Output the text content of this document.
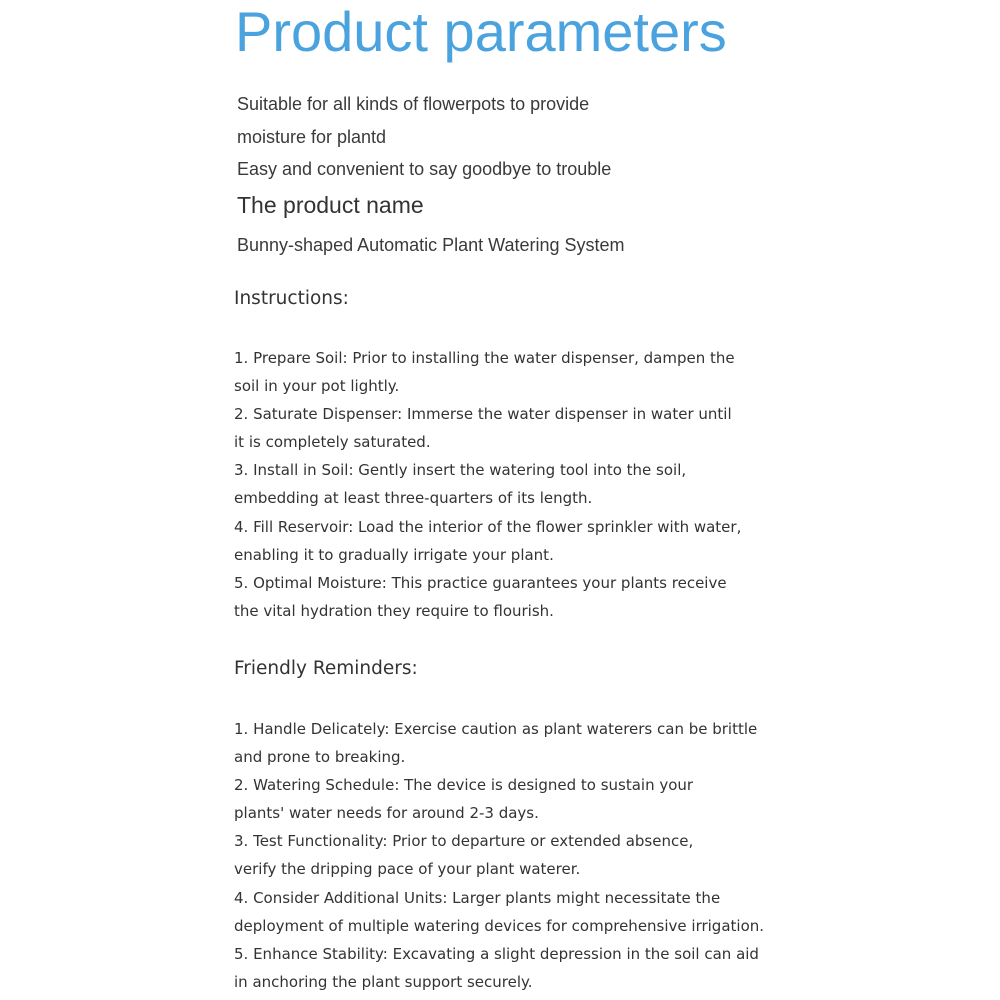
Product parameters
Suitable for all kinds of flowerpots to provide
moisture for plantd
Easy and convenient to say goodbye to trouble
The product name
Bunny-shaped Automatic Plant Watering System
Instructions:
1. Prepare Soil: Prior to installing the water dispenser, dampen the
soil in your pot lightly.
2. Saturate Dispenser: Immerse the water dispenser in water until
it is completely saturated.
3. Install in Soil: Gently insert the watering tool into the soil,
embedding at least three-quarters of its length.
4. Fill Reservoir: Load the interior of the flower sprinkler with water,
enabling it to gradually irrigate your plant.
5. Optimal Moisture: This practice guarantees your plants receive
the vital hydration they require to flourish.
Friendly Reminders:
1. Handle Delicately: Exercise caution as plant waterers can be brittle
and prone to breaking.
2. Watering Schedule: The device is designed to sustain your
plants' water needs for around 2-3 days.
3. Test Functionality: Prior to departure or extended absence,
verify the dripping pace of your plant waterer.
4. Consider Additional Units: Larger plants might necessitate the
deployment of multiple watering devices for comprehensive irrigation.
5. Enhance Stability: Excavating a slight depression in the soil can aid
in anchoring the plant support securely.
